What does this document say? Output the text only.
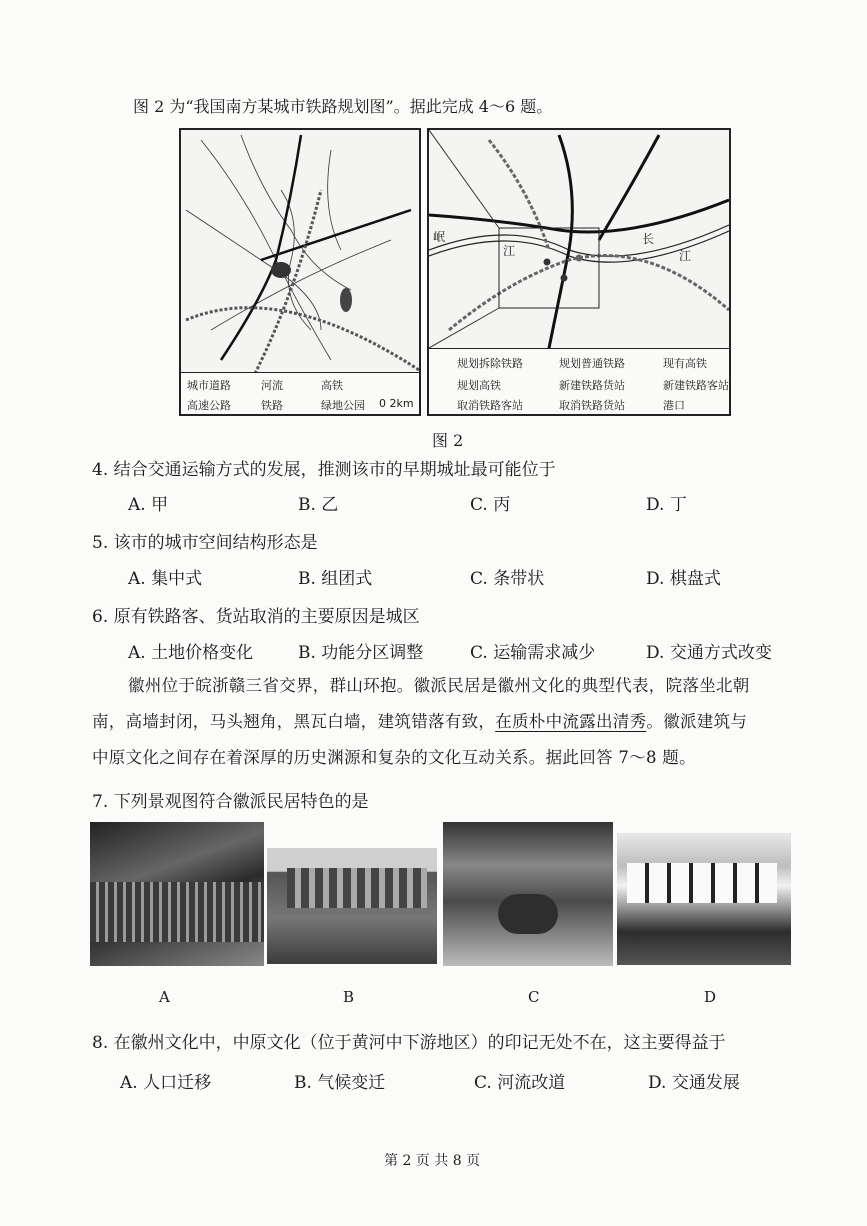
图 2 为“我国南方某城市铁路规划图”。据此完成 4～6 题。
城市道路	河流	高铁
高速公路	铁路	绿地公园 0 2km
岷
江
长
江
规划拆除铁路	规划普通铁路	现有高铁
规划高铁	新建铁路货站	新建铁路客站
取消铁路客站	取消铁路货站	港口
图 2
4. 结合交通运输方式的发展，推测该市的早期城址最可能位于
A. 甲	B. 乙	C. 丙	D. 丁
5. 该市的城市空间结构形态是
A. 集中式	B. 组团式	C. 条带状	D. 棋盘式
6. 原有铁路客、货站取消的主要原因是城区
A. 土地价格变化	B. 功能分区调整	C. 运输需求减少	D. 交通方式改变
徽州位于皖浙赣三省交界，群山环抱。徽派民居是徽州文化的典型代表，院落坐北朝
南，高墙封闭，马头翘角，黑瓦白墙，建筑错落有致，在质朴中流露出清秀。徽派建筑与
中原文化之间存在着深厚的历史渊源和复杂的文化互动关系。据此回答 7～8 题。
7. 下列景观图符合徽派民居特色的是
A	B	C	D
8. 在徽州文化中，中原文化（位于黄河中下游地区）的印记无处不在，这主要得益于
A. 人口迁移	B. 气候变迁	C. 河流改道	D. 交通发展
第 2 页 共 8 页
